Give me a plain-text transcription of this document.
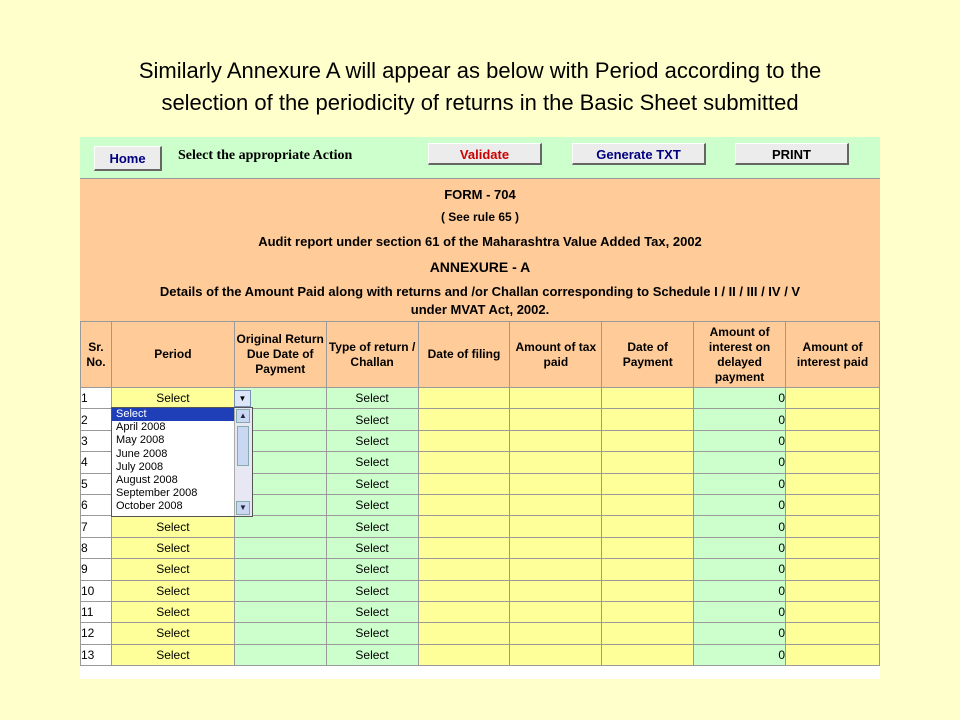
Similarly Annexure A will appear as below with Period according to the
selection of the periodicity of returns in the Basic Sheet submitted
Home	Select the appropriate Action	Validate	Generate TXT	PRINT
FORM - 704
( See rule 65 )
Audit report under section 61 of the Maharashtra Value Added Tax, 2002
ANNEXURE - A
Details of the Amount Paid along with returns and /or Challan corresponding to Schedule I / II / III / IV / V
under MVAT Act, 2002.
Sr. No.	Period	Original Return Due Date of Payment	Type of return / Challan	Date of filing	Amount of tax paid	Date of Payment	Amount of interest on delayed payment	Amount of interest paid
1	Select		Select				0	
2			Select				0	
3			Select				0	
4			Select				0	
5			Select				0	
6			Select				0	
7	Select		Select				0	
8	Select		Select				0	
9	Select		Select				0	
10	Select		Select				0	
11	Select		Select				0	
12	Select		Select				0	
13	Select		Select				0	
▼
Select
April 2008
May 2008
June 2008
July 2008
August 2008
September 2008
October 2008
▲
▼
